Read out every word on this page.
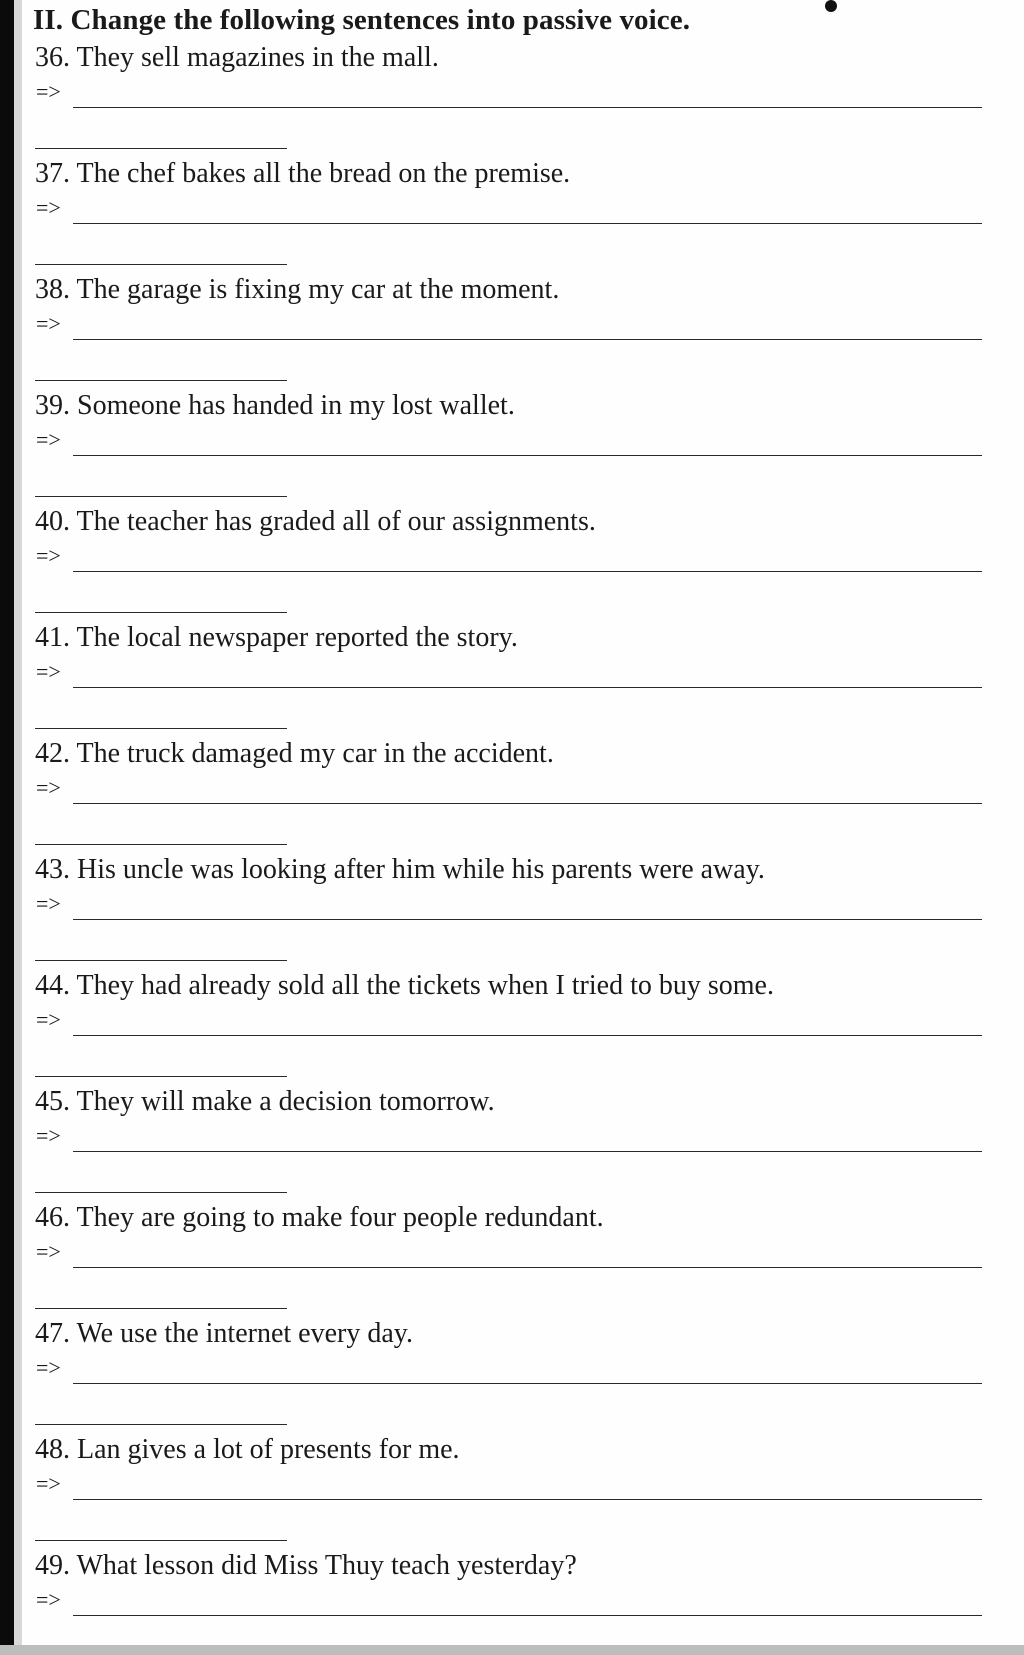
II. Change the following sentences into passive voice.
36. They sell magazines in the mall.
=>
37. The chef bakes all the bread on the premise.
=>
38. The garage is fixing my car at the moment.
=>
39. Someone has handed in my lost wallet.
=>
40. The teacher has graded all of our assignments.
=>
41. The local newspaper reported the story.
=>
42. The truck damaged my car in the accident.
=>
43. His uncle was looking after him while his parents were away.
=>
44. They had already sold all the tickets when I tried to buy some.
=>
45. They will make a decision tomorrow.
=>
46. They are going to make four people redundant.
=>
47. We use the internet every day.
=>
48. Lan gives a lot of presents for me.
=>
49. What lesson did Miss Thuy teach yesterday?
=>
